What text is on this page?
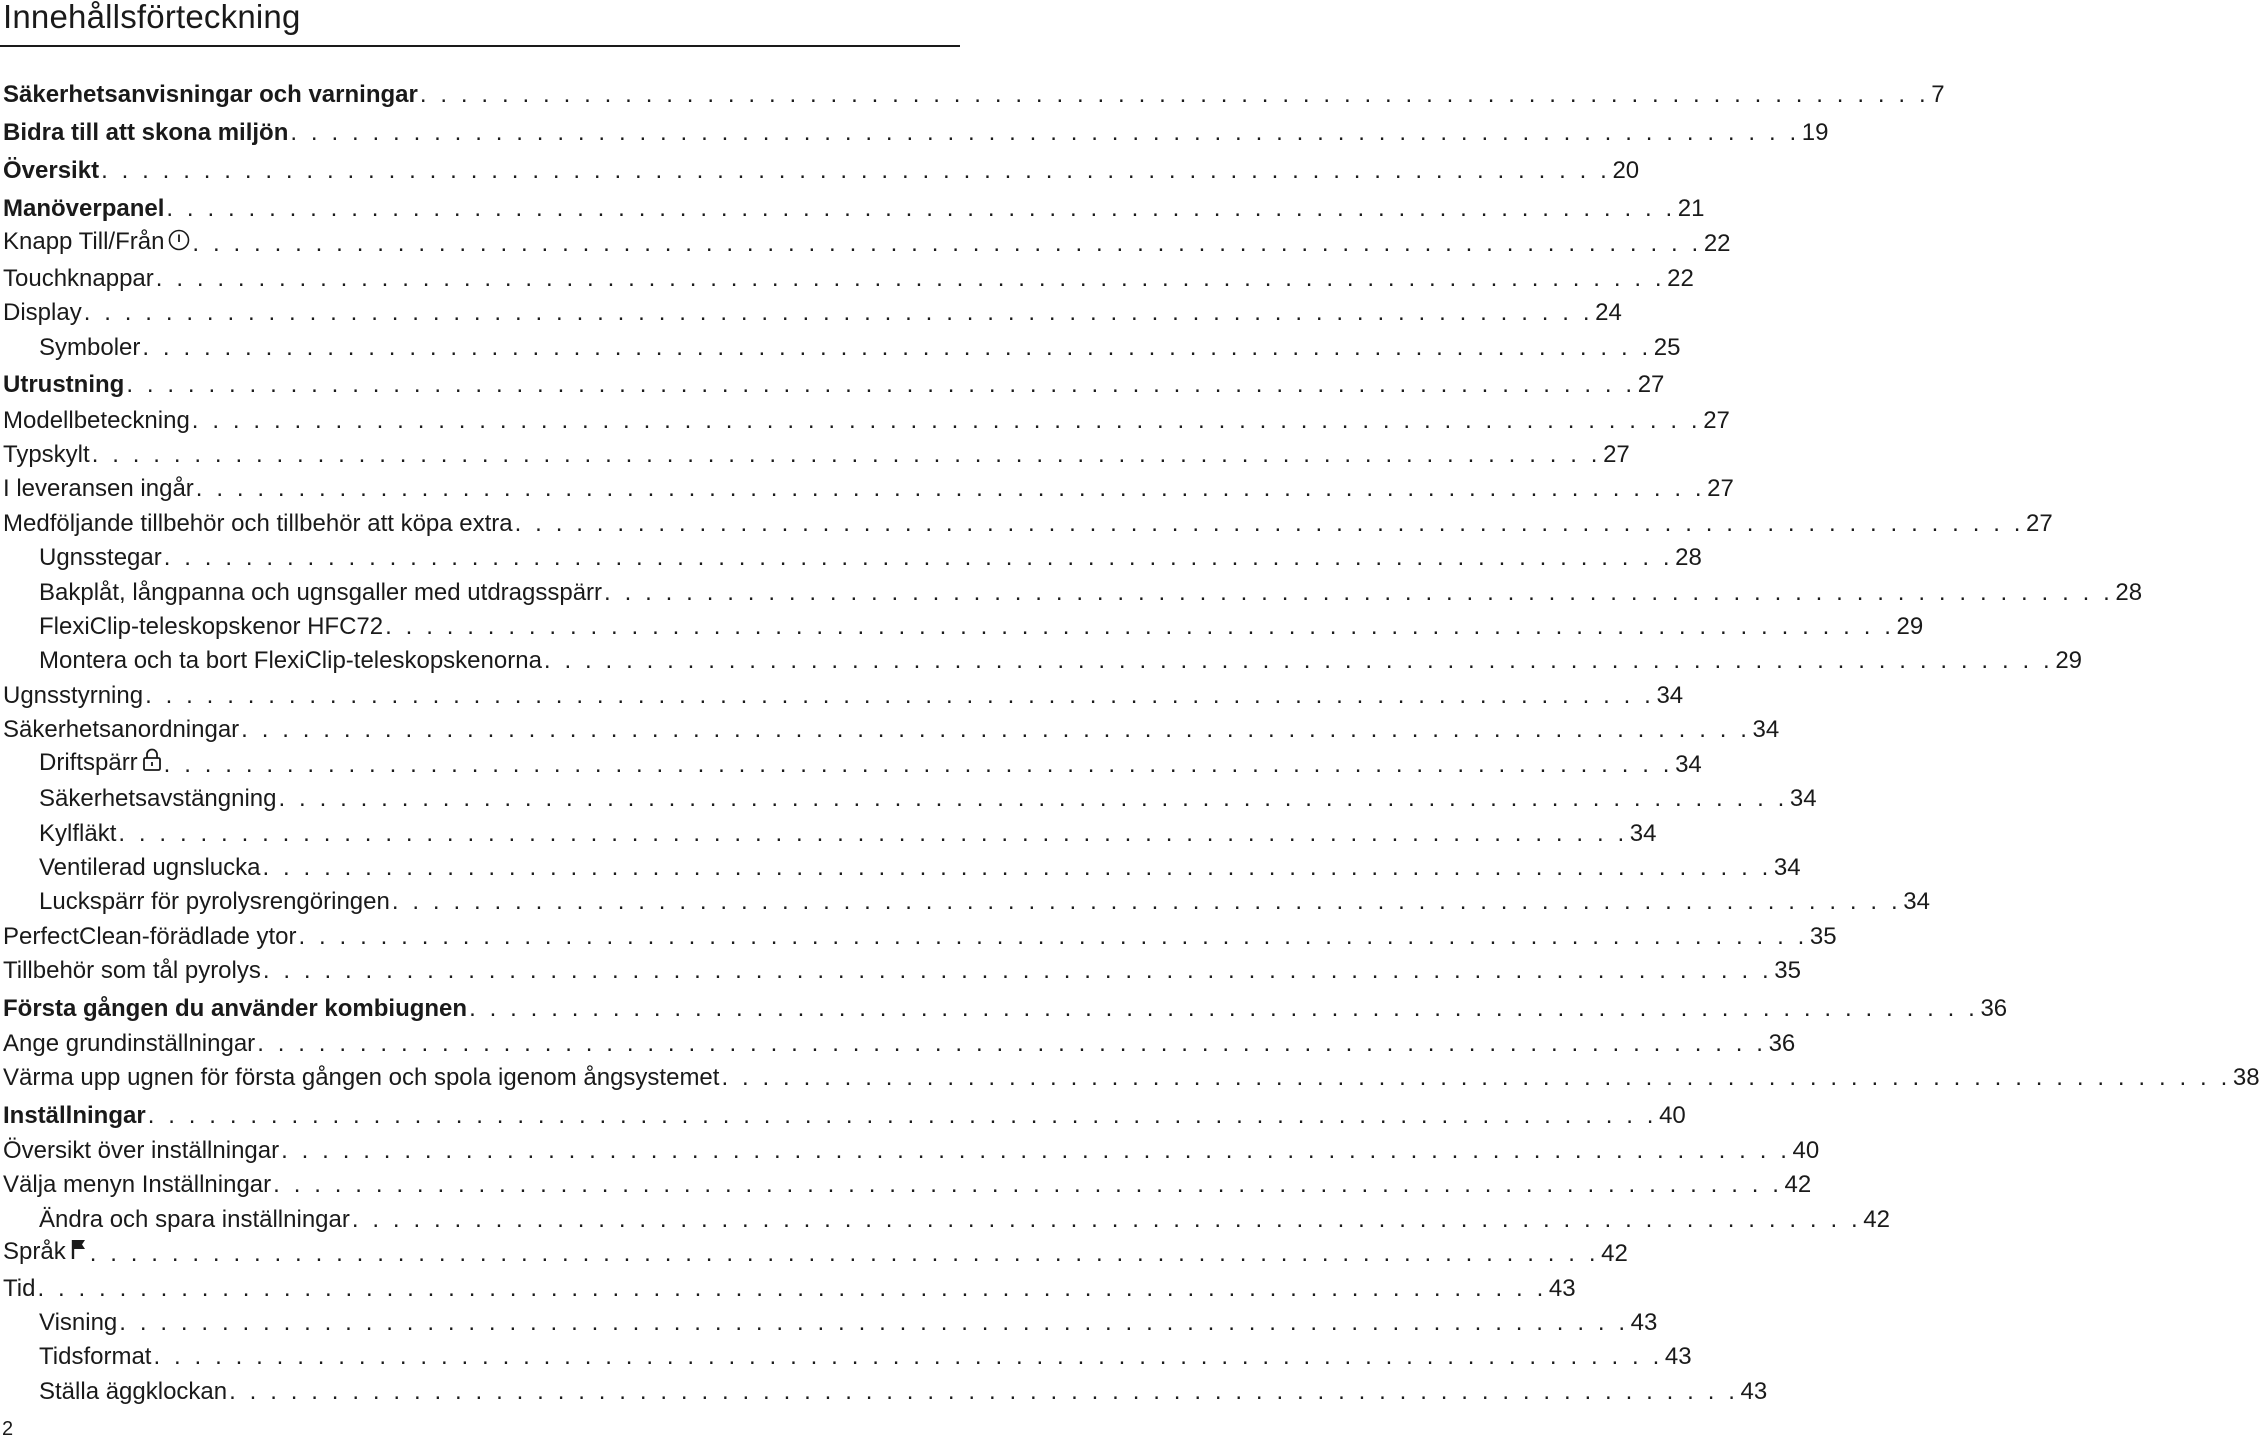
Innehållsförteckning
Säkerhetsanvisningar och varningar . . . . . . . . . . . . . . . . . . . . . . . . . . . . . . . . . . . . . . . . . . . . . . . . . . . . . . . . . . . . . . . . . . . . . . . . . . 7
Bidra till att skona miljön . . . . . . . . . . . . . . . . . . . . . . . . . . . . . . . . . . . . . . . . . . . . . . . . . . . . . . . . . . . . . . . . . . . . . . . . . . 19
Översikt . . . . . . . . . . . . . . . . . . . . . . . . . . . . . . . . . . . . . . . . . . . . . . . . . . . . . . . . . . . . . . . . . . . . . . . . . . 20
Manöverpanel . . . . . . . . . . . . . . . . . . . . . . . . . . . . . . . . . . . . . . . . . . . . . . . . . . . . . . . . . . . . . . . . . . . . . . . . . . 21
Knapp Till/Från	. . . . . . . . . . . . . . . . . . . . . . . . . . . . . . . . . . . . . . . . . . . . . . . . . . . . . . . . . . . . . . . . . . . . . . . . . . 22
Touchknappar . . . . . . . . . . . . . . . . . . . . . . . . . . . . . . . . . . . . . . . . . . . . . . . . . . . . . . . . . . . . . . . . . . . . . . . . . . 22
Display . . . . . . . . . . . . . . . . . . . . . . . . . . . . . . . . . . . . . . . . . . . . . . . . . . . . . . . . . . . . . . . . . . . . . . . . . . 24
Symboler . . . . . . . . . . . . . . . . . . . . . . . . . . . . . . . . . . . . . . . . . . . . . . . . . . . . . . . . . . . . . . . . . . . . . . . . . . 25
Utrustning . . . . . . . . . . . . . . . . . . . . . . . . . . . . . . . . . . . . . . . . . . . . . . . . . . . . . . . . . . . . . . . . . . . . . . . . . . 27
Modellbeteckning . . . . . . . . . . . . . . . . . . . . . . . . . . . . . . . . . . . . . . . . . . . . . . . . . . . . . . . . . . . . . . . . . . . . . . . . . . 27
Typskylt . . . . . . . . . . . . . . . . . . . . . . . . . . . . . . . . . . . . . . . . . . . . . . . . . . . . . . . . . . . . . . . . . . . . . . . . . . 27
I leveransen ingår . . . . . . . . . . . . . . . . . . . . . . . . . . . . . . . . . . . . . . . . . . . . . . . . . . . . . . . . . . . . . . . . . . . . . . . . . . 27
Medföljande tillbehör och tillbehör att köpa extra . . . . . . . . . . . . . . . . . . . . . . . . . . . . . . . . . . . . . . . . . . . . . . . . . . . . . . . . . . . . . . . . . . . . . . . . . . 27
Ugnsstegar . . . . . . . . . . . . . . . . . . . . . . . . . . . . . . . . . . . . . . . . . . . . . . . . . . . . . . . . . . . . . . . . . . . . . . . . . . 28
Bakplåt, långpanna och ugnsgaller med utdragsspärr . . . . . . . . . . . . . . . . . . . . . . . . . . . . . . . . . . . . . . . . . . . . . . . . . . . . . . . . . . . . . . . . . . . . . . . . . . 28
FlexiClip-teleskopskenor HFC72 . . . . . . . . . . . . . . . . . . . . . . . . . . . . . . . . . . . . . . . . . . . . . . . . . . . . . . . . . . . . . . . . . . . . . . . . . . 29
Montera och ta bort FlexiClip-teleskopskenorna . . . . . . . . . . . . . . . . . . . . . . . . . . . . . . . . . . . . . . . . . . . . . . . . . . . . . . . . . . . . . . . . . . . . . . . . . . 29
Ugnsstyrning . . . . . . . . . . . . . . . . . . . . . . . . . . . . . . . . . . . . . . . . . . . . . . . . . . . . . . . . . . . . . . . . . . . . . . . . . . 34
Säkerhetsanordningar . . . . . . . . . . . . . . . . . . . . . . . . . . . . . . . . . . . . . . . . . . . . . . . . . . . . . . . . . . . . . . . . . . . . . . . . . . 34
Driftspärr	. . . . . . . . . . . . . . . . . . . . . . . . . . . . . . . . . . . . . . . . . . . . . . . . . . . . . . . . . . . . . . . . . . . . . . . . . . 34
Säkerhetsavstängning . . . . . . . . . . . . . . . . . . . . . . . . . . . . . . . . . . . . . . . . . . . . . . . . . . . . . . . . . . . . . . . . . . . . . . . . . . 34
Kylfläkt . . . . . . . . . . . . . . . . . . . . . . . . . . . . . . . . . . . . . . . . . . . . . . . . . . . . . . . . . . . . . . . . . . . . . . . . . . 34
Ventilerad ugnslucka . . . . . . . . . . . . . . . . . . . . . . . . . . . . . . . . . . . . . . . . . . . . . . . . . . . . . . . . . . . . . . . . . . . . . . . . . . 34
Luckspärr för pyrolysrengöringen . . . . . . . . . . . . . . . . . . . . . . . . . . . . . . . . . . . . . . . . . . . . . . . . . . . . . . . . . . . . . . . . . . . . . . . . . . 34
PerfectClean-förädlade ytor . . . . . . . . . . . . . . . . . . . . . . . . . . . . . . . . . . . . . . . . . . . . . . . . . . . . . . . . . . . . . . . . . . . . . . . . . . 35
Tillbehör som tål pyrolys . . . . . . . . . . . . . . . . . . . . . . . . . . . . . . . . . . . . . . . . . . . . . . . . . . . . . . . . . . . . . . . . . . . . . . . . . . 35
Första gången du använder kombiugnen . . . . . . . . . . . . . . . . . . . . . . . . . . . . . . . . . . . . . . . . . . . . . . . . . . . . . . . . . . . . . . . . . . . . . . . . . . 36
Ange grundinställningar . . . . . . . . . . . . . . . . . . . . . . . . . . . . . . . . . . . . . . . . . . . . . . . . . . . . . . . . . . . . . . . . . . . . . . . . . . 36
Värma upp ugnen för första gången och spola igenom ångsystemet . . . . . . . . . . . . . . . . . . . . . . . . . . . . . . . . . . . . . . . . . . . . . . . . . . . . . . . . . . . . . . . . . . . . . . . . . . 38
Inställningar . . . . . . . . . . . . . . . . . . . . . . . . . . . . . . . . . . . . . . . . . . . . . . . . . . . . . . . . . . . . . . . . . . . . . . . . . . 40
Översikt över inställningar . . . . . . . . . . . . . . . . . . . . . . . . . . . . . . . . . . . . . . . . . . . . . . . . . . . . . . . . . . . . . . . . . . . . . . . . . . 40
Välja menyn Inställningar . . . . . . . . . . . . . . . . . . . . . . . . . . . . . . . . . . . . . . . . . . . . . . . . . . . . . . . . . . . . . . . . . . . . . . . . . . 42
Ändra och spara inställningar . . . . . . . . . . . . . . . . . . . . . . . . . . . . . . . . . . . . . . . . . . . . . . . . . . . . . . . . . . . . . . . . . . . . . . . . . . 42
Språk	. . . . . . . . . . . . . . . . . . . . . . . . . . . . . . . . . . . . . . . . . . . . . . . . . . . . . . . . . . . . . . . . . . . . . . . . . . 42
Tid . . . . . . . . . . . . . . . . . . . . . . . . . . . . . . . . . . . . . . . . . . . . . . . . . . . . . . . . . . . . . . . . . . . . . . . . . . 43
Visning . . . . . . . . . . . . . . . . . . . . . . . . . . . . . . . . . . . . . . . . . . . . . . . . . . . . . . . . . . . . . . . . . . . . . . . . . . 43
Tidsformat . . . . . . . . . . . . . . . . . . . . . . . . . . . . . . . . . . . . . . . . . . . . . . . . . . . . . . . . . . . . . . . . . . . . . . . . . . 43
Ställa äggklockan . . . . . . . . . . . . . . . . . . . . . . . . . . . . . . . . . . . . . . . . . . . . . . . . . . . . . . . . . . . . . . . . . . . . . . . . . . 43
2
